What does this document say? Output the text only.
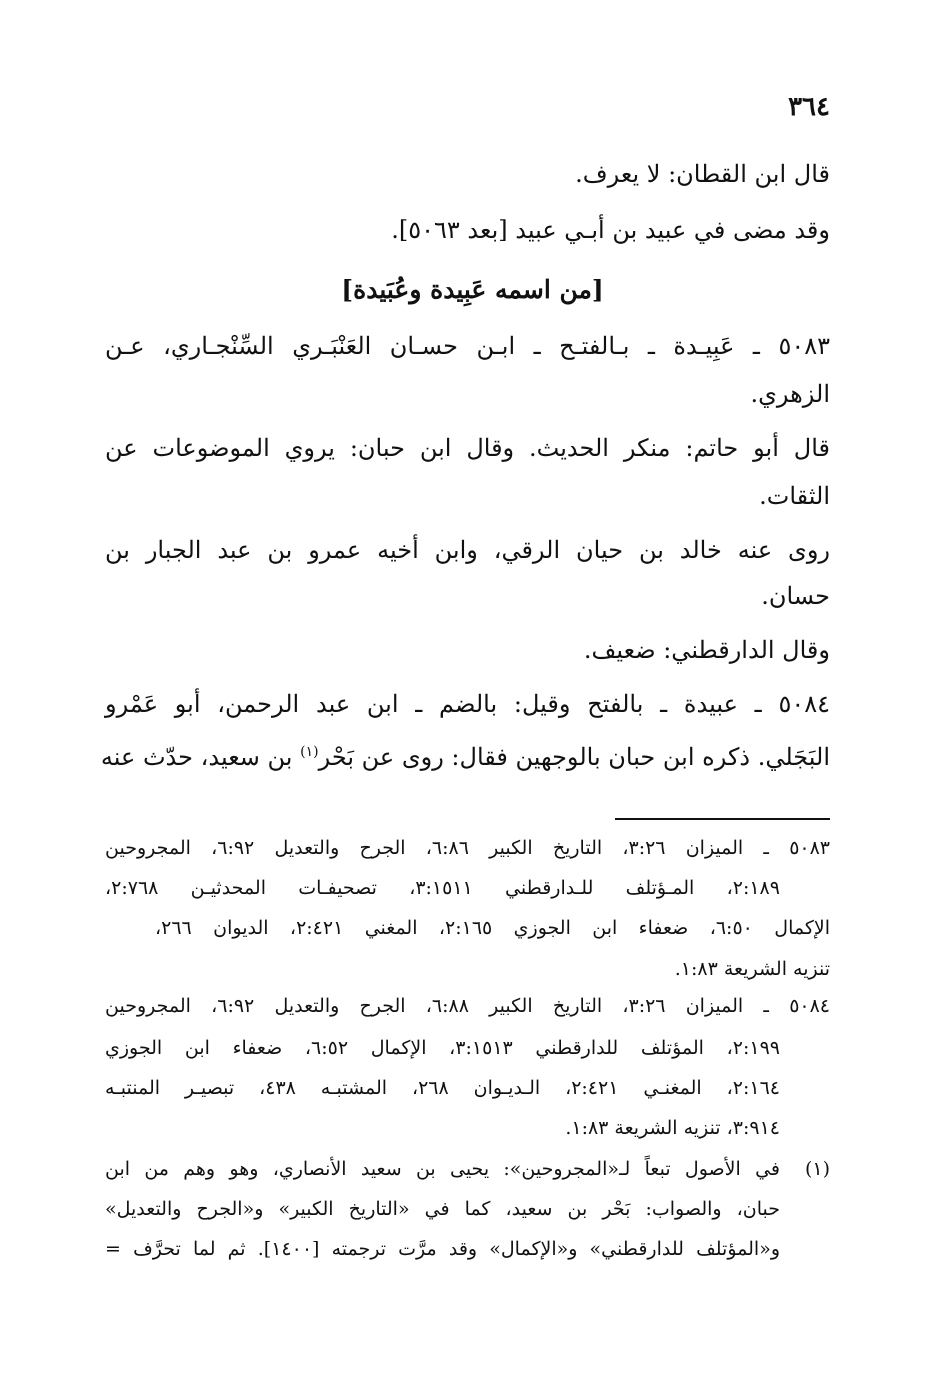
٣٦٤
قال ابن القطان: لا يعرف.
وقد مضى في عبيد بن أبـي عبيد [بعد ٥٠٦٣].
[من اسمه عَبِيدة وعُبَيدة]
٥٠٨٣ ـ عَبِيـدة ـ بـالفتـح ـ ابـن حسـان العَنْبَـري السِّنْجـاري، عـن
الزهري.
قال أبو حاتم: منكر الحديث. وقال ابن حبان: يروي الموضوعات عن
الثقات.
روى عنه خالد بن حيان الرقي، وابن أخيه عمرو بن عبد الجبار بن
حسان.
وقال الدارقطني: ضعيف.
٥٠٨٤ ـ عبيدة ـ بالفتح وقيل: بالضم ـ ابن عبد الرحمن، أبو عَمْرو
البَجَلي. ذكره ابن حبان بالوجهين فقال: روى عن بَحْر$^{(١)}$ بن سعيد، حدّث عنه
٥٠٨٣ ـ الميزان ٣:٢٦، التاريخ الكبير ٦:٨٦، الجرح والتعديل ٦:٩٢، المجروحين
٢:١٨٩، المـؤتلف للـدارقطني ٣:١٥١١، تصحيفـات المحدثيـن ٢:٧٦٨،
الإكمال ٦:٥٠، ضعفاء ابن الجوزي ٢:١٦٥، المغني ٢:٤٢١، الديوان ٢٦٦،
تنزيه الشريعة ١:٨٣.
٥٠٨٤ ـ الميزان ٣:٢٦، التاريخ الكبير ٦:٨٨، الجرح والتعديل ٦:٩٢، المجروحين
٢:١٩٩، المؤتلف للدارقطني ٣:١٥١٣، الإكمال ٦:٥٢، ضعفاء ابن الجوزي
٢:١٦٤، المغنـي ٢:٤٢١، الـديـوان ٢٦٨، المشتبـه ٤٣٨، تبصيـر المنتبـه
٣:٩١٤، تنزيه الشريعة ١:٨٣.
(١)
في الأصول تبعاً لـ«المجروحين»: يحيى بن سعيد الأنصاري، وهو وهم من ابن
حبان، والصواب: بَحْر بن سعيد، كما في «التاريخ الكبير» و«الجرح والتعديل»
و«المؤتلف للدارقطني» و«الإكمال» وقد مرَّت ترجمته [١٤٠٠]. ثم لما تحرَّف =
